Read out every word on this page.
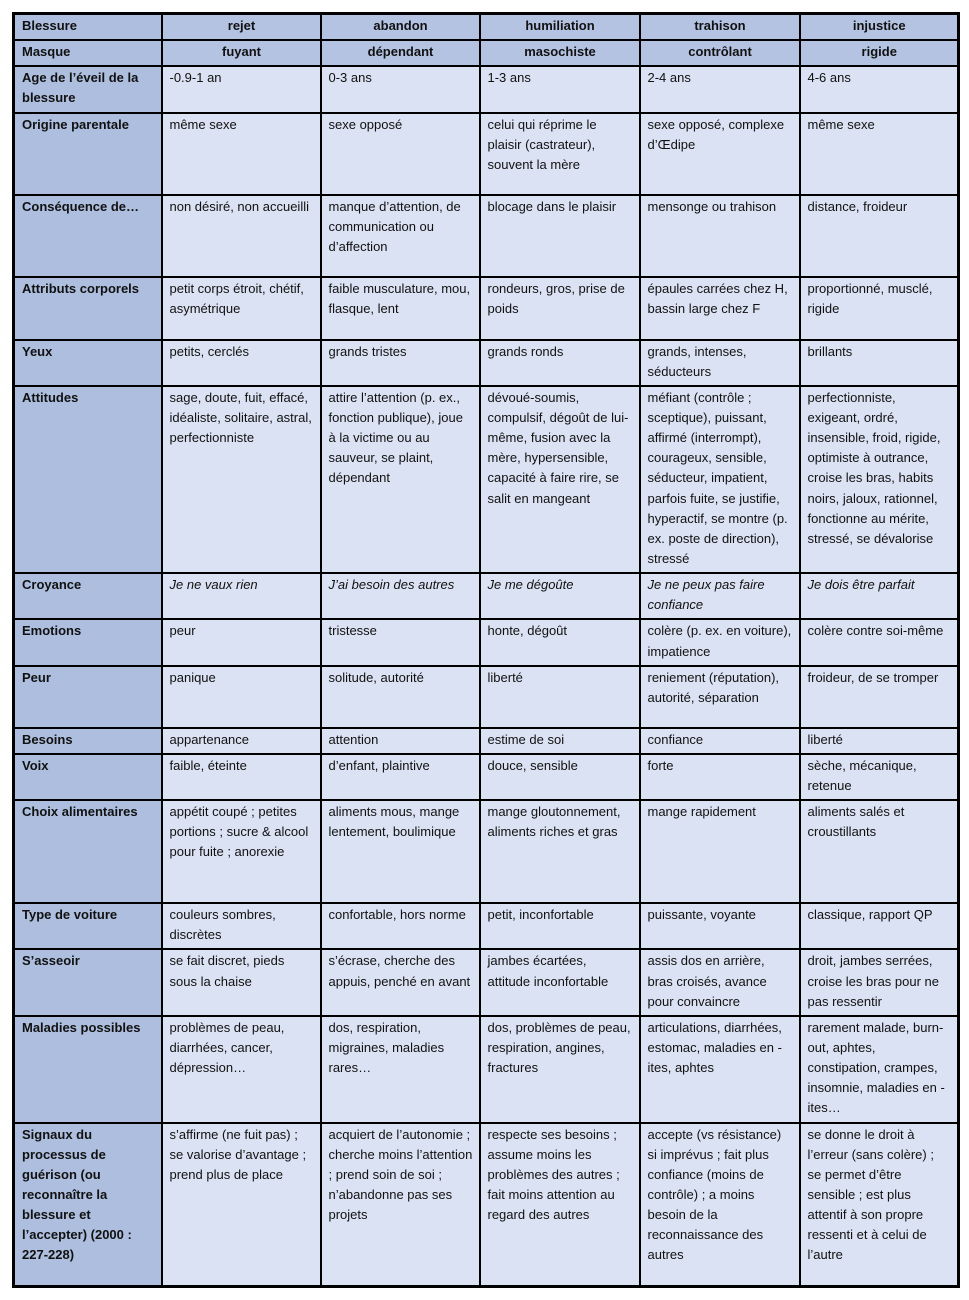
Blessure	rejet	abandon	humiliation	trahison	injustice
Masque	fuyant	dépendant	masochiste	contrôlant	rigide
Age de l’éveil de la blessure	-0.9-1 an	0-3 ans	1-3 ans	2-4 ans	4-6 ans
Origine parentale	même sexe	sexe opposé	celui qui réprime le plaisir (castrateur), souvent la mère	sexe opposé, complexe d’Œdipe	même sexe
Conséquence de…	non désiré, non accueilli	manque d’attention, de communication ou d’affection	blocage dans le plaisir	mensonge ou trahison	distance, froideur
Attributs corporels	petit corps étroit, chétif, asymétrique	faible musculature, mou, flasque, lent	rondeurs, gros, prise de poids	épaules carrées chez H, bassin large chez F	proportionné, musclé, rigide
Yeux	petits, cerclés	grands tristes	grands ronds	grands, intenses, séducteurs	brillants
Attitudes	sage, doute, fuit, effacé, idéaliste, solitaire, astral, perfectionniste	attire l’attention (p. ex., fonction publique), joue à la victime ou au sauveur, se plaint, dépendant	dévoué-soumis, compulsif, dégoût de lui-même, fusion avec la mère, hypersensible, capacité à faire rire, se salit en mangeant	méfiant (contrôle ; sceptique), puissant, affirmé (interrompt), courageux, sensible, séducteur, impatient, parfois fuite, se justifie, hyperactif, se montre (p. ex. poste de direction), stressé	perfectionniste, exigeant, ordré, insensible, froid, rigide, optimiste à outrance, croise les bras, habits noirs, jaloux, rationnel, fonctionne au mérite, stressé, se dévalorise
Croyance	Je ne vaux rien	J’ai besoin des autres	Je me dégoûte	Je ne peux pas faire confiance	Je dois être parfait
Emotions	peur	tristesse	honte, dégoût	colère (p. ex. en voiture), impatience	colère contre soi-même
Peur	panique	solitude, autorité	liberté	reniement (réputation), autorité, séparation	froideur, de se tromper
Besoins	appartenance	attention	estime de soi	confiance	liberté
Voix	faible, éteinte	d’enfant, plaintive	douce, sensible	forte	sèche, mécanique, retenue
Choix alimentaires	appétit coupé ; petites portions ; sucre & alcool pour fuite ; anorexie	aliments mous, mange lentement, boulimique	mange gloutonnement, aliments riches et gras	mange rapidement	aliments salés et croustillants
Type de voiture	couleurs sombres, discrètes	confortable, hors norme	petit, inconfortable	puissante, voyante	classique, rapport QP
S’asseoir	se fait discret, pieds sous la chaise	s’écrase, cherche des appuis, penché en avant	jambes écartées, attitude inconfortable	assis dos en arrière, bras croisés, avance pour convaincre	droit, jambes serrées, croise les bras pour ne pas ressentir
Maladies possibles	problèmes de peau, diarrhées, cancer, dépression…	dos, respiration, migraines, maladies rares…	dos, problèmes de peau, respiration, angines, fractures	articulations, diarrhées, estomac, maladies en -ites, aphtes	rarement malade, burn-out, aphtes, constipation, crampes, insomnie, maladies en -ites…
Signaux du processus de guérison (ou reconnaître la blessure et l’accepter) (2000 : 227-228)	s’affirme (ne fuit pas) ; se valorise d’avantage ; prend plus de place	acquiert de l’autonomie ; cherche moins l’attention ; prend soin de soi ; n’abandonne pas ses projets	respecte ses besoins ; assume moins les problèmes des autres ; fait moins attention au regard des autres	accepte (vs résistance) si imprévus ; fait plus confiance (moins de contrôle) ; a moins besoin de la reconnaissance des autres	se donne le droit à l’erreur (sans colère) ; se permet d’être sensible ; est plus attentif à son propre ressenti et à celui de l’autre
